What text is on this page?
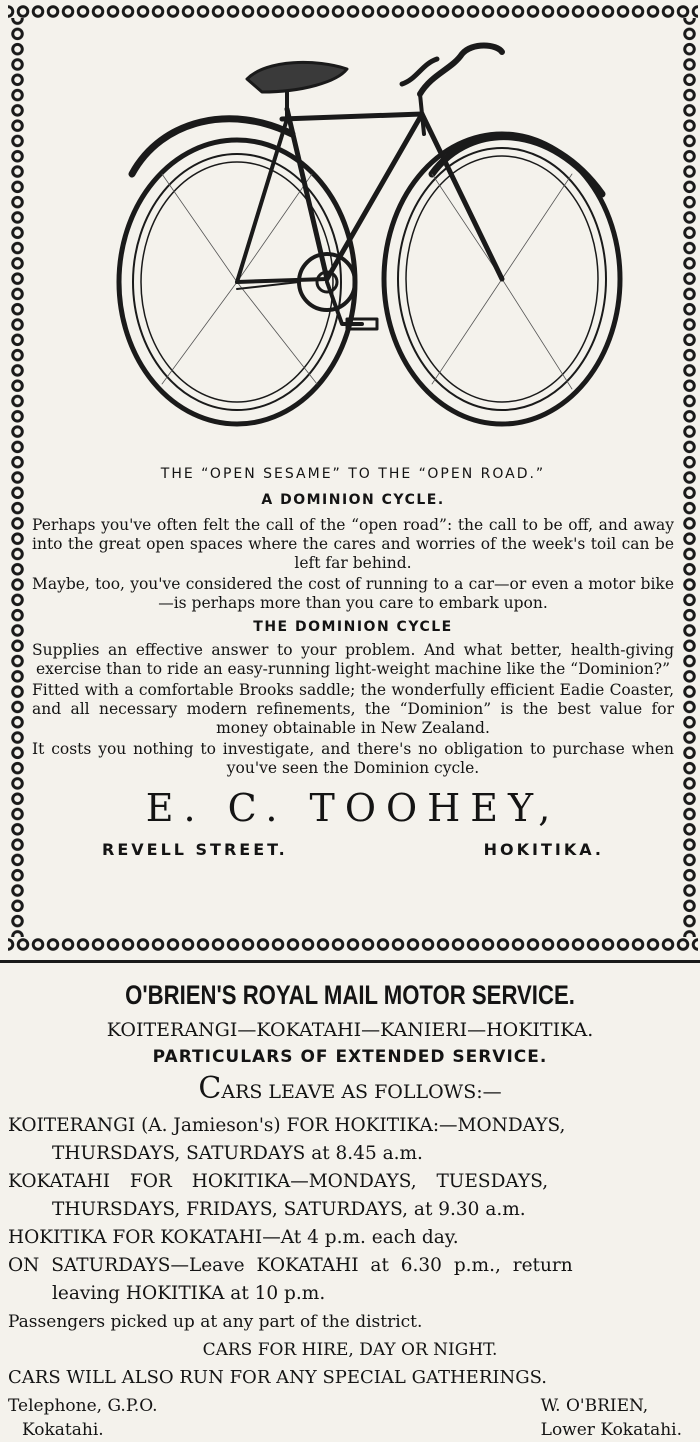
THE “OPEN SESAME” TO THE “OPEN ROAD.”

A DOMINION CYCLE.

Perhaps you've often felt the call of the “open road”: the call to be off, and away into the great open spaces where the cares and worries of the week's toil can be left far behind.

Maybe, too, you've considered the cost of running to a car—or even a motor bike—is perhaps more than you care to embark upon.

THE DOMINION CYCLE

Supplies an effective answer to your problem. And what better, health-giving exercise than to ride an easy-running light-weight machine like the “Dominion?”

Fitted with a comfortable Brooks saddle; the wonderfully efficient Eadie Coaster, and all necessary modern refinements, the “Dominion” is the best value for money obtainable in New Zealand.

It costs you nothing to investigate, and there's no obligation to purchase when you've seen the Dominion cycle.

E. C. TOOHEY,

REVELL STREET.	HOKITIKA.

O'BRIEN'S ROYAL MAIL MOTOR SERVICE.

KOITERANGI—KOKATAHI—KANIERI—HOKITIKA.

PARTICULARS OF EXTENDED SERVICE.

CARS LEAVE AS FOLLOWS:—

KOITERANGI (A. Jamieson's) FOR HOKITIKA:—MONDAYS,

THURSDAYS, SATURDAYS at 8.45 a.m.

KOKATAHI FOR HOKITIKA—MONDAYS, TUESDAYS,

THURSDAYS, FRIDAYS, SATURDAYS, at 9.30 a.m.

HOKITIKA FOR KOKATAHI—At 4 p.m. each day.

ON SATURDAYS—Leave KOKATAHI at 6.30 p.m., return

leaving HOKITIKA at 10 p.m.

Passengers picked up at any part of the district.

CARS FOR HIRE, DAY OR NIGHT.

CARS WILL ALSO RUN FOR ANY SPECIAL GATHERINGS.

Telephone, G.P.O.

Kokatahi.

W. O'BRIEN,

Lower Kokatahi.
